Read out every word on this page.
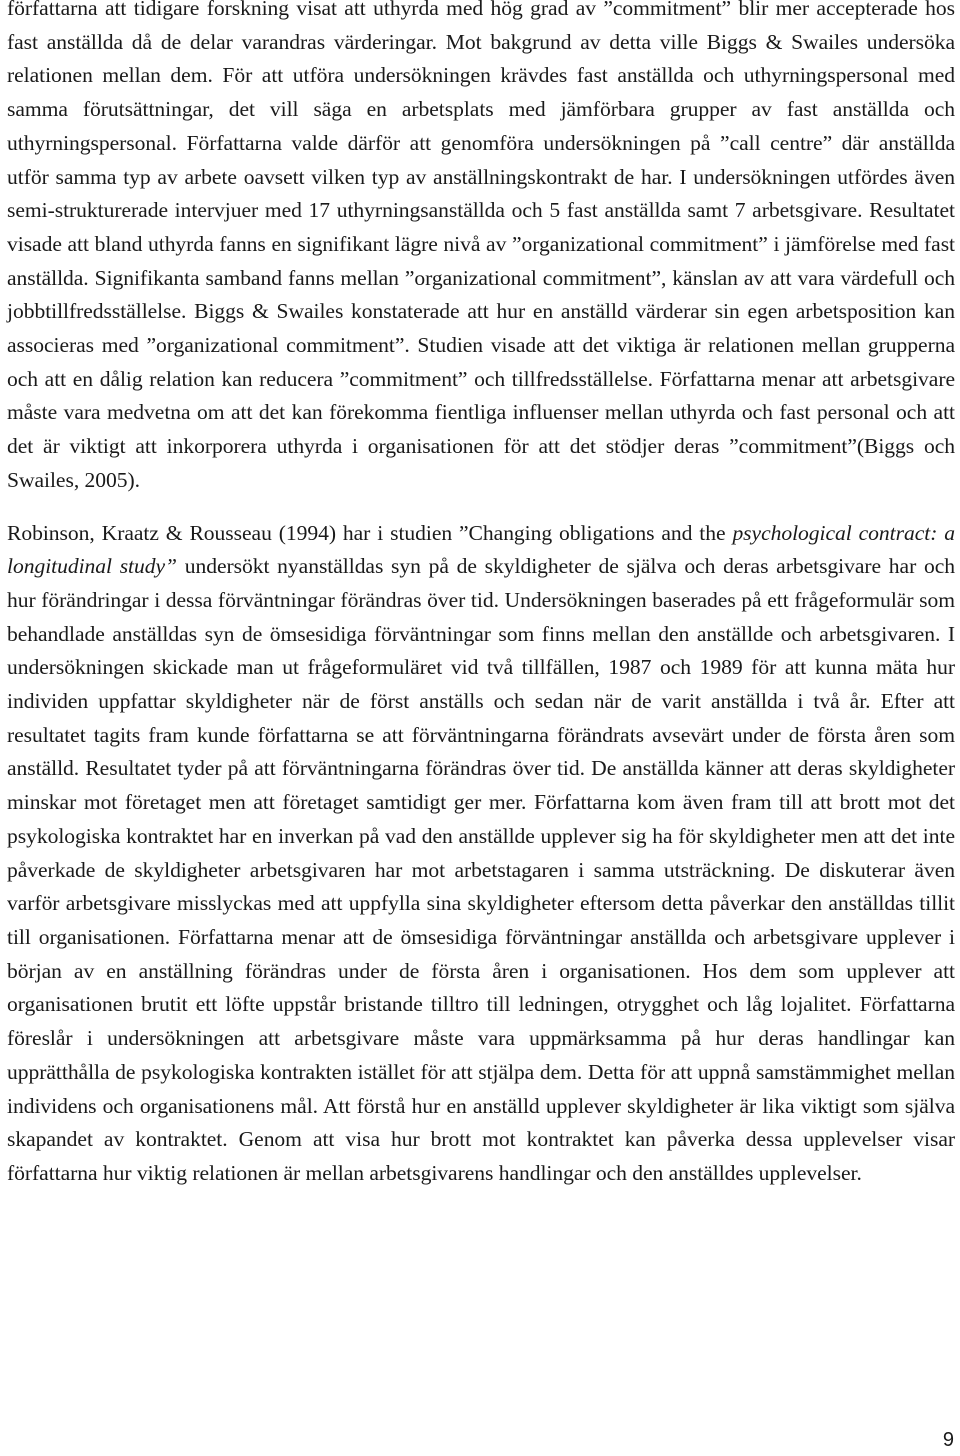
författarna att tidigare forskning visat att uthyrda med hög grad av ”commitment” blir mer accepterade hos fast anställda då de delar varandras värderingar. Mot bakgrund av detta ville Biggs & Swailes undersöka relationen mellan dem. För att utföra undersökningen krävdes fast anställda och uthyrningspersonal med samma förutsättningar, det vill säga en arbetsplats med jämförbara grupper av fast anställda och uthyrningspersonal. Författarna valde därför att genomföra undersökningen på ”call centre” där anställda utför samma typ av arbete oavsett vilken typ av anställningskontrakt de har. I undersökningen utfördes även semi-strukturerade intervjuer med 17 uthyrningsanställda och 5 fast anställda samt 7 arbetsgivare. Resultatet visade att bland uthyrda fanns en signifikant lägre nivå av ”organizational commitment” i jämförelse med fast anställda. Signifikanta samband fanns mellan ”organizational commitment”, känslan av att vara värdefull och jobbtillfredsställelse. Biggs & Swailes konstaterade att hur en anställd värderar sin egen arbetsposition kan associeras med ”organizational commitment”. Studien visade att det viktiga är relationen mellan grupperna och att en dålig relation kan reducera ”commitment” och tillfredsställelse. Författarna menar att arbetsgivare måste vara medvetna om att det kan förekomma fientliga influenser mellan uthyrda och fast personal och att det är viktigt att inkorporera uthyrda i organisationen för att det stödjer deras ”commitment”(Biggs och Swailes, 2005).

Robinson, Kraatz & Rousseau (1994) har i studien ”Changing obligations and the psychological contract: a longitudinal study” undersökt nyanställdas syn på de skyldigheter de själva och deras arbetsgivare har och hur förändringar i dessa förväntningar förändras över tid. Undersökningen baserades på ett frågeformulär som behandlade anställdas syn de ömsesidiga förväntningar som finns mellan den anställde och arbetsgivaren. I undersökningen skickade man ut frågeformuläret vid två tillfällen, 1987 och 1989 för att kunna mäta hur individen uppfattar skyldigheter när de först anställs och sedan när de varit anställda i två år. Efter att resultatet tagits fram kunde författarna se att förväntningarna förändrats avsevärt under de första åren som anställd. Resultatet tyder på att förväntningarna förändras över tid. De anställda känner att deras skyldigheter minskar mot företaget men att företaget samtidigt ger mer. Författarna kom även fram till att brott mot det psykologiska kontraktet har en inverkan på vad den anställde upplever sig ha för skyldigheter men att det inte påverkade de skyldigheter arbetsgivaren har mot arbetstagaren i samma utsträckning. De diskuterar även varför arbetsgivare misslyckas med att uppfylla sina skyldigheter eftersom detta påverkar den anställdas tillit till organisationen. Författarna menar att de ömsesidiga förväntningar anställda och arbetsgivare upplever i början av en anställning förändras under de första åren i organisationen. Hos dem som upplever att organisationen brutit ett löfte uppstår bristande tilltro till ledningen, otrygghet och låg lojalitet. Författarna föreslår i undersökningen att arbetsgivare måste vara uppmärksamma på hur deras handlingar kan upprätthålla de psykologiska kontrakten istället för att stjälpa dem. Detta för att uppnå samstämmighet mellan individens och organisationens mål. Att förstå hur en anställd upplever skyldigheter är lika viktigt som själva skapandet av kontraktet. Genom att visa hur brott mot kontraktet kan påverka dessa upplevelser visar författarna hur viktig relationen är mellan arbetsgivarens handlingar och den anställdes upplevelser.

9
